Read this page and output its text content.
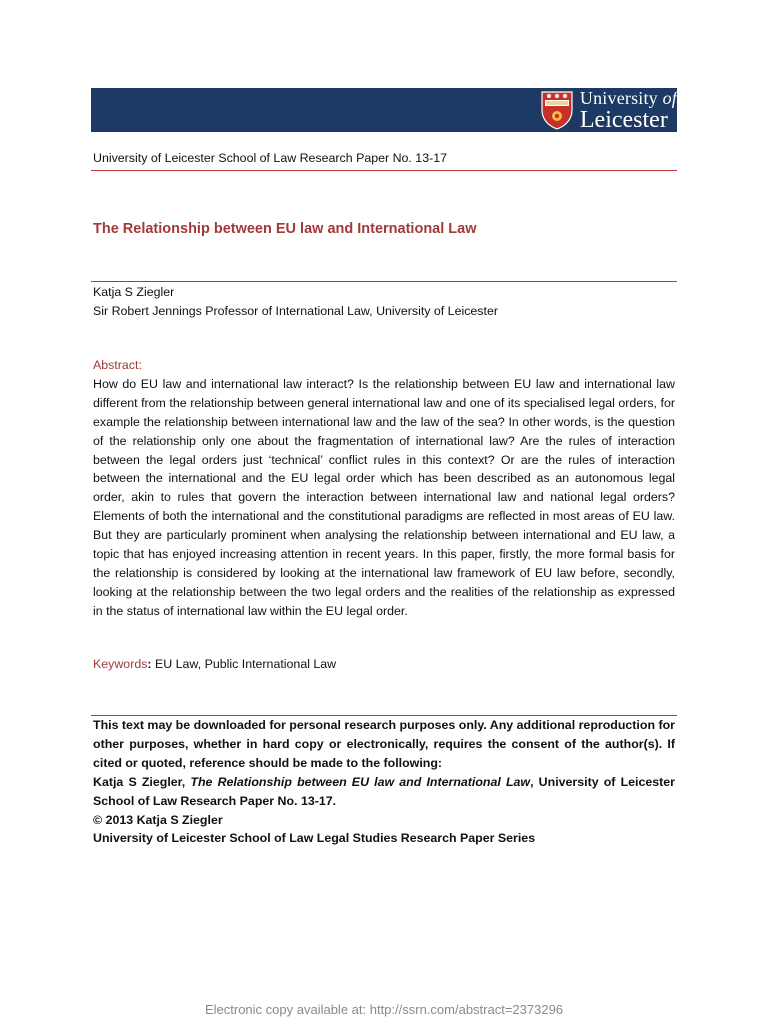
University of
Leicester
University of Leicester School of Law Research Paper No. 13-17
The Relationship between EU law and International Law
Katja S Ziegler
Sir Robert Jennings Professor of International Law, University of Leicester
Abstract:
How do EU law and international law interact? Is the relationship between EU law and international law different from the relationship between general international law and one of its specialised legal orders, for example the relationship between international law and the law of the sea? In other words, is the question of the relationship only one about the fragmentation of international law? Are the rules of interaction between the legal orders just ‘technical’ conflict rules in this context? Or are the rules of interaction between the international and the EU legal order which has been described as an autonomous legal order, akin to rules that govern the interaction between international law and national legal orders? Elements of both the international and the constitutional paradigms are reflected in most areas of EU law. But they are particularly prominent when analysing the relationship between international and EU law, a topic that has enjoyed increasing attention in recent years. In this paper, firstly, the more formal basis for the relationship is considered by looking at the international law framework of EU law before, secondly, looking at the relationship between the two legal orders and the realities of the relationship as expressed in the status of international law within the EU legal order.
Keywords: EU Law, Public International Law
This text may be downloaded for personal research purposes only. Any additional reproduction for other purposes, whether in hard copy or electronically, requires the consent of the author(s). If cited or quoted, reference should be made to the following:
Katja S Ziegler, The Relationship between EU law and International Law, University of Leicester School of Law Research Paper No. 13-17.
© 2013 Katja S Ziegler
University of Leicester School of Law Legal Studies Research Paper Series
Electronic copy available at: http://ssrn.com/abstract=2373296
